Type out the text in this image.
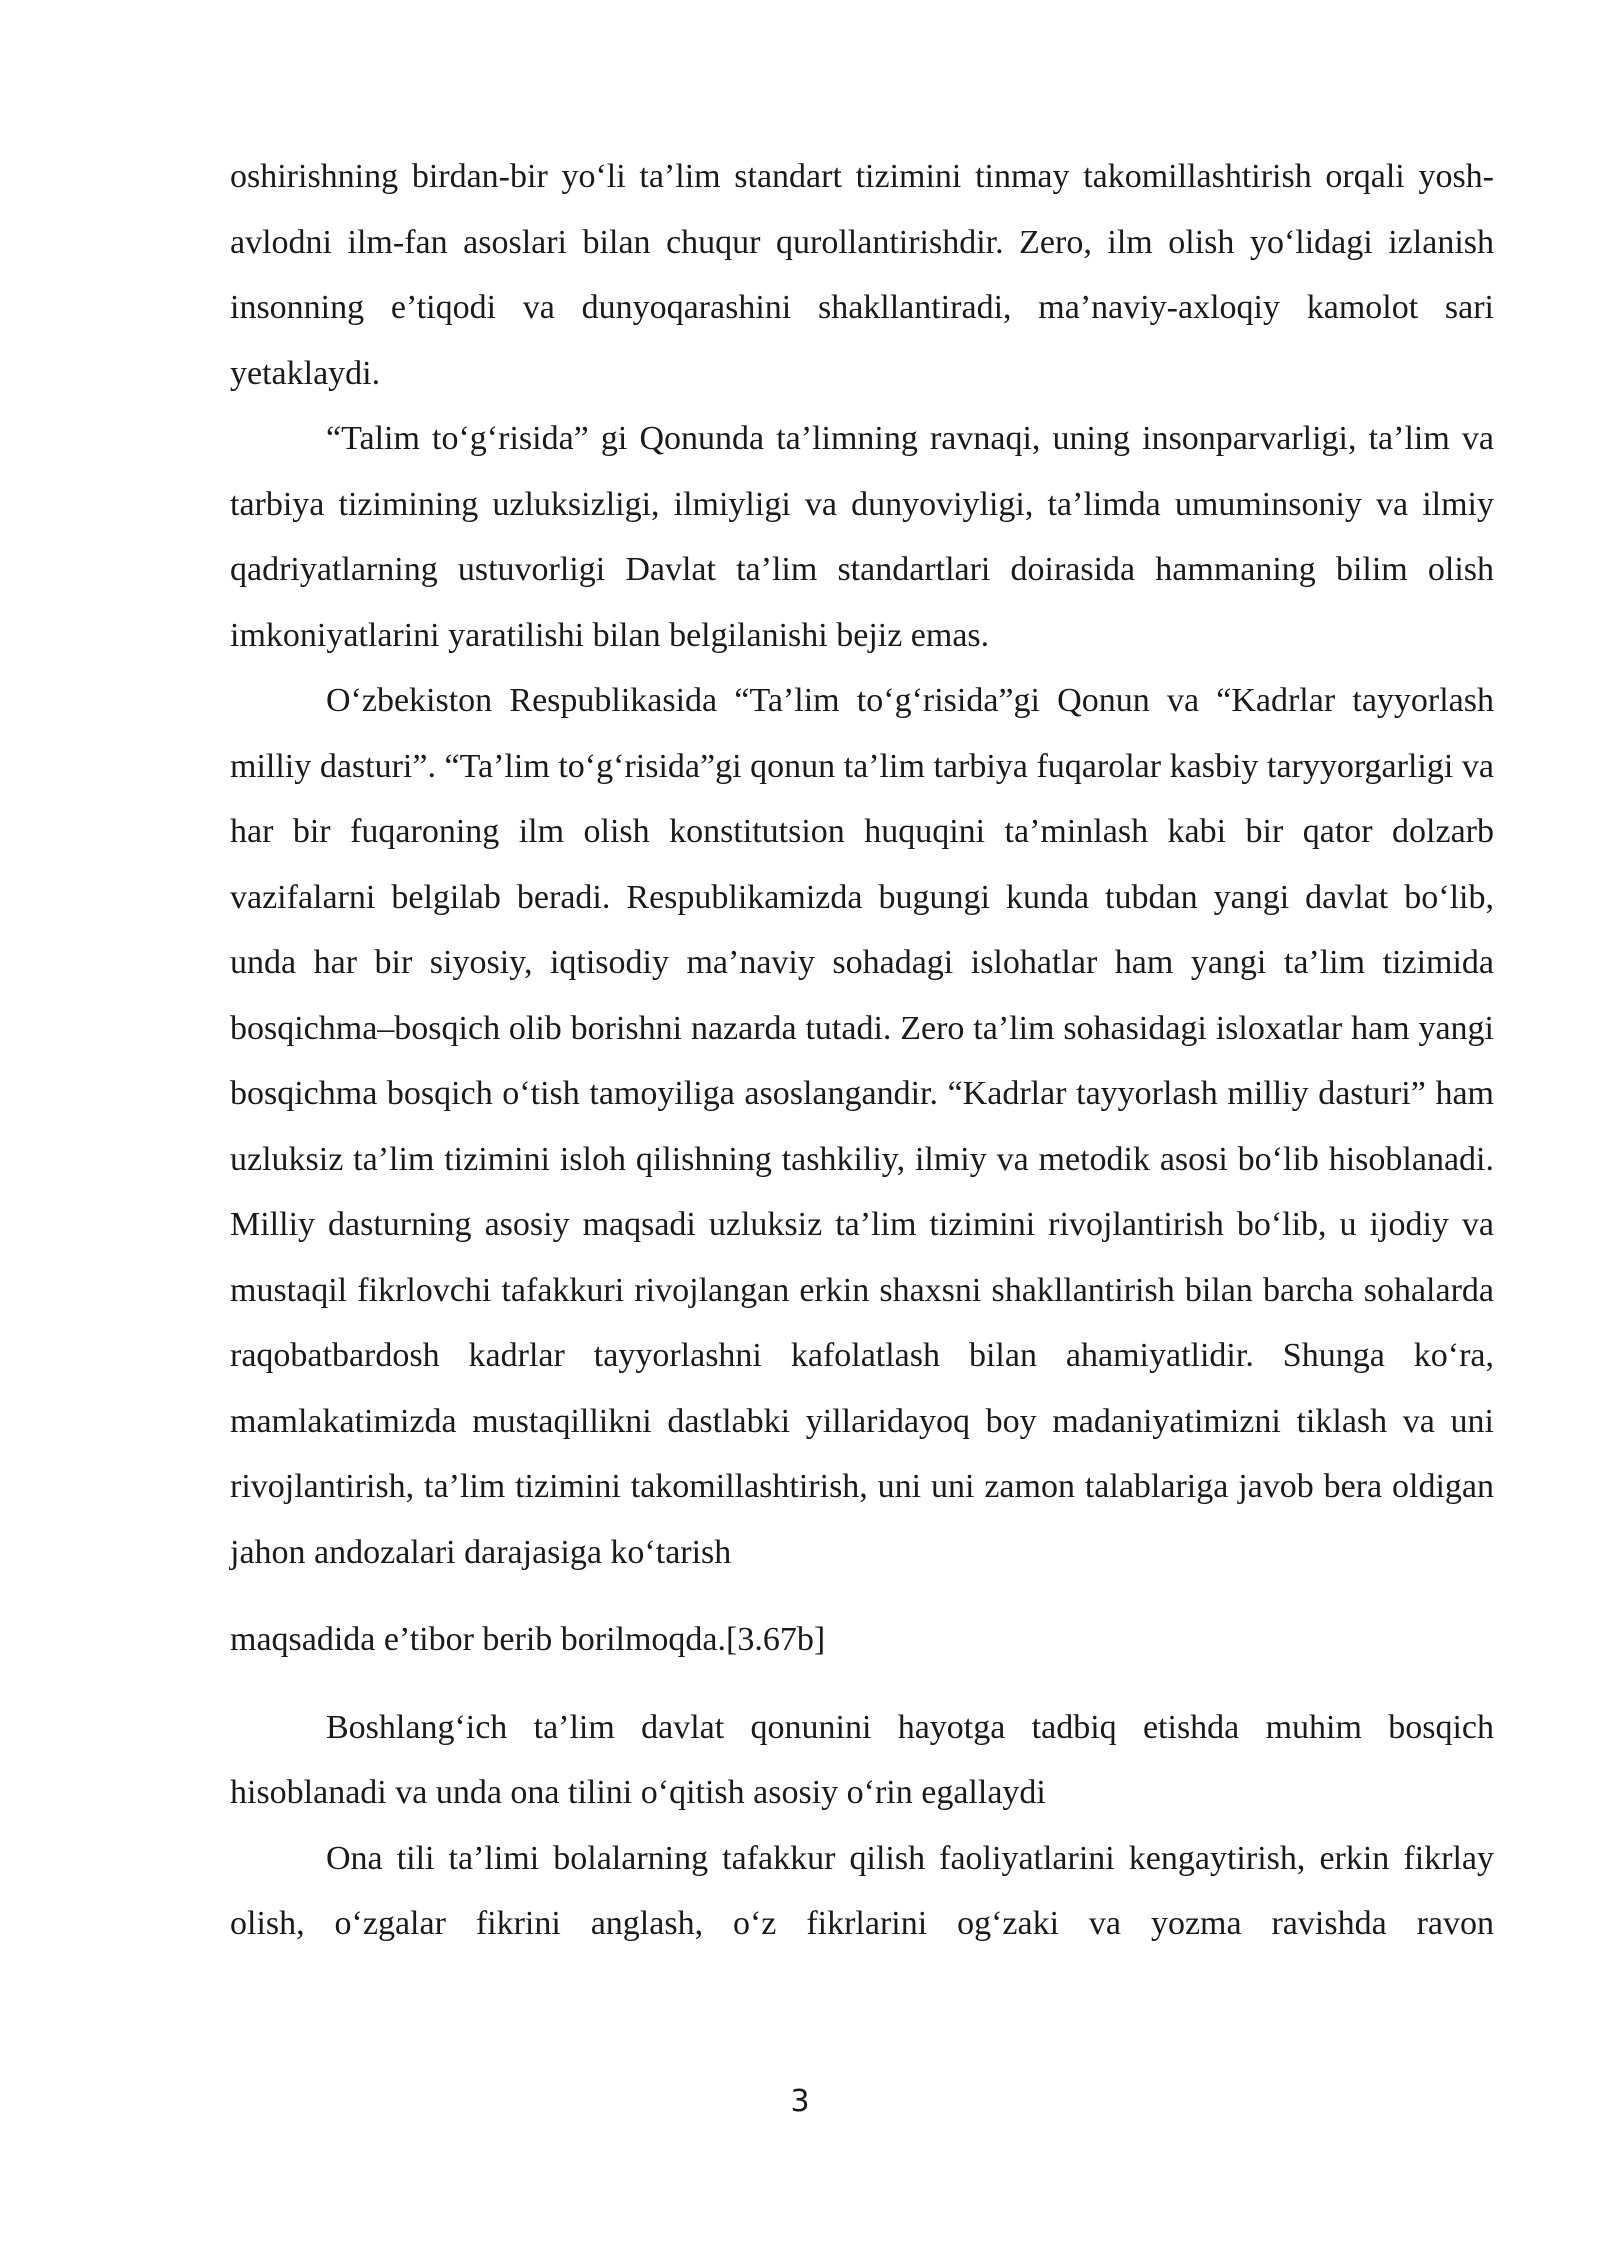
oshirishning birdan-bir yo‘li ta’lim standart tizimini tinmay takomillashtirish orqali yosh-avlodni ilm-fan asoslari bilan chuqur qurollantirishdir. Zero, ilm olish yo‘lidagi izlanish insonning e’tiqodi va dunyoqarashini shakllantiradi, ma’naviy-axloqiy kamolot sari yetaklaydi.

“Talim to‘g‘risida” gi Qonunda ta’limning ravnaqi, uning insonparvarligi, ta’lim va tarbiya tizimining uzluksizligi, ilmiyligi va dunyoviyligi, ta’limda umuminsoniy va ilmiy qadriyatlarning ustuvorligi Davlat ta’lim standartlari doirasida hammaning bilim olish imkoniyatlarini yaratilishi bilan belgilanishi bejiz emas.

O‘zbekiston Respublikasida “Ta’lim to‘g‘risida”gi Qonun va “Kadrlar tayyorlash milliy dasturi”. “Ta’lim to‘g‘risida”gi qonun ta’lim tarbiya fuqarolar kasbiy taryyorgarligi va har bir fuqaroning ilm olish konstitutsion huquqini ta’minlash kabi bir qator dolzarb vazifalarni belgilab beradi. Respublikamizda bugungi kunda tubdan yangi davlat bo‘lib, unda har bir siyosiy, iqtisodiy ma’naviy sohadagi islohatlar ham yangi ta’lim tizimida bosqichma–bosqich olib borishni nazarda tutadi. Zero ta’lim sohasidagi isloxatlar ham yangi bosqichma bosqich o‘tish tamoyiliga asoslangandir. “Kadrlar tayyorlash milliy dasturi” ham uzluksiz ta’lim tizimini isloh qilishning tashkiliy, ilmiy va metodik asosi bo‘lib hisoblanadi. Milliy dasturning asosiy maqsadi uzluksiz ta’lim tizimini rivojlantirish bo‘lib, u ijodiy va mustaqil fikrlovchi tafakkuri rivojlangan erkin shaxsni shakllantirish bilan barcha sohalarda raqobatbardosh kadrlar tayyorlashni kafolatlash bilan ahamiyatlidir. Shunga ko‘ra, mamlakatimizda mustaqillikni dastlabki yillaridayoq boy madaniyatimizni tiklash va uni rivojlantirish, ta’lim tizimini takomillashtirish, uni uni zamon talablariga javob bera oldigan jahon andozalari darajasiga ko‘tarish

maqsadida e’tibor berib borilmoqda.[3.67b]

Boshlang‘ich ta’lim davlat qonunini hayotga tadbiq etishda muhim bosqich hisoblanadi va unda ona tilini o‘qitish asosiy o‘rin egallaydi

Ona tili ta’limi bolalarning tafakkur qilish faoliyatlarini kengaytirish, erkin fikrlay olish, o‘zgalar fikrini anglash, o‘z fikrlarini og‘zaki va yozma ravishda ravon

3
